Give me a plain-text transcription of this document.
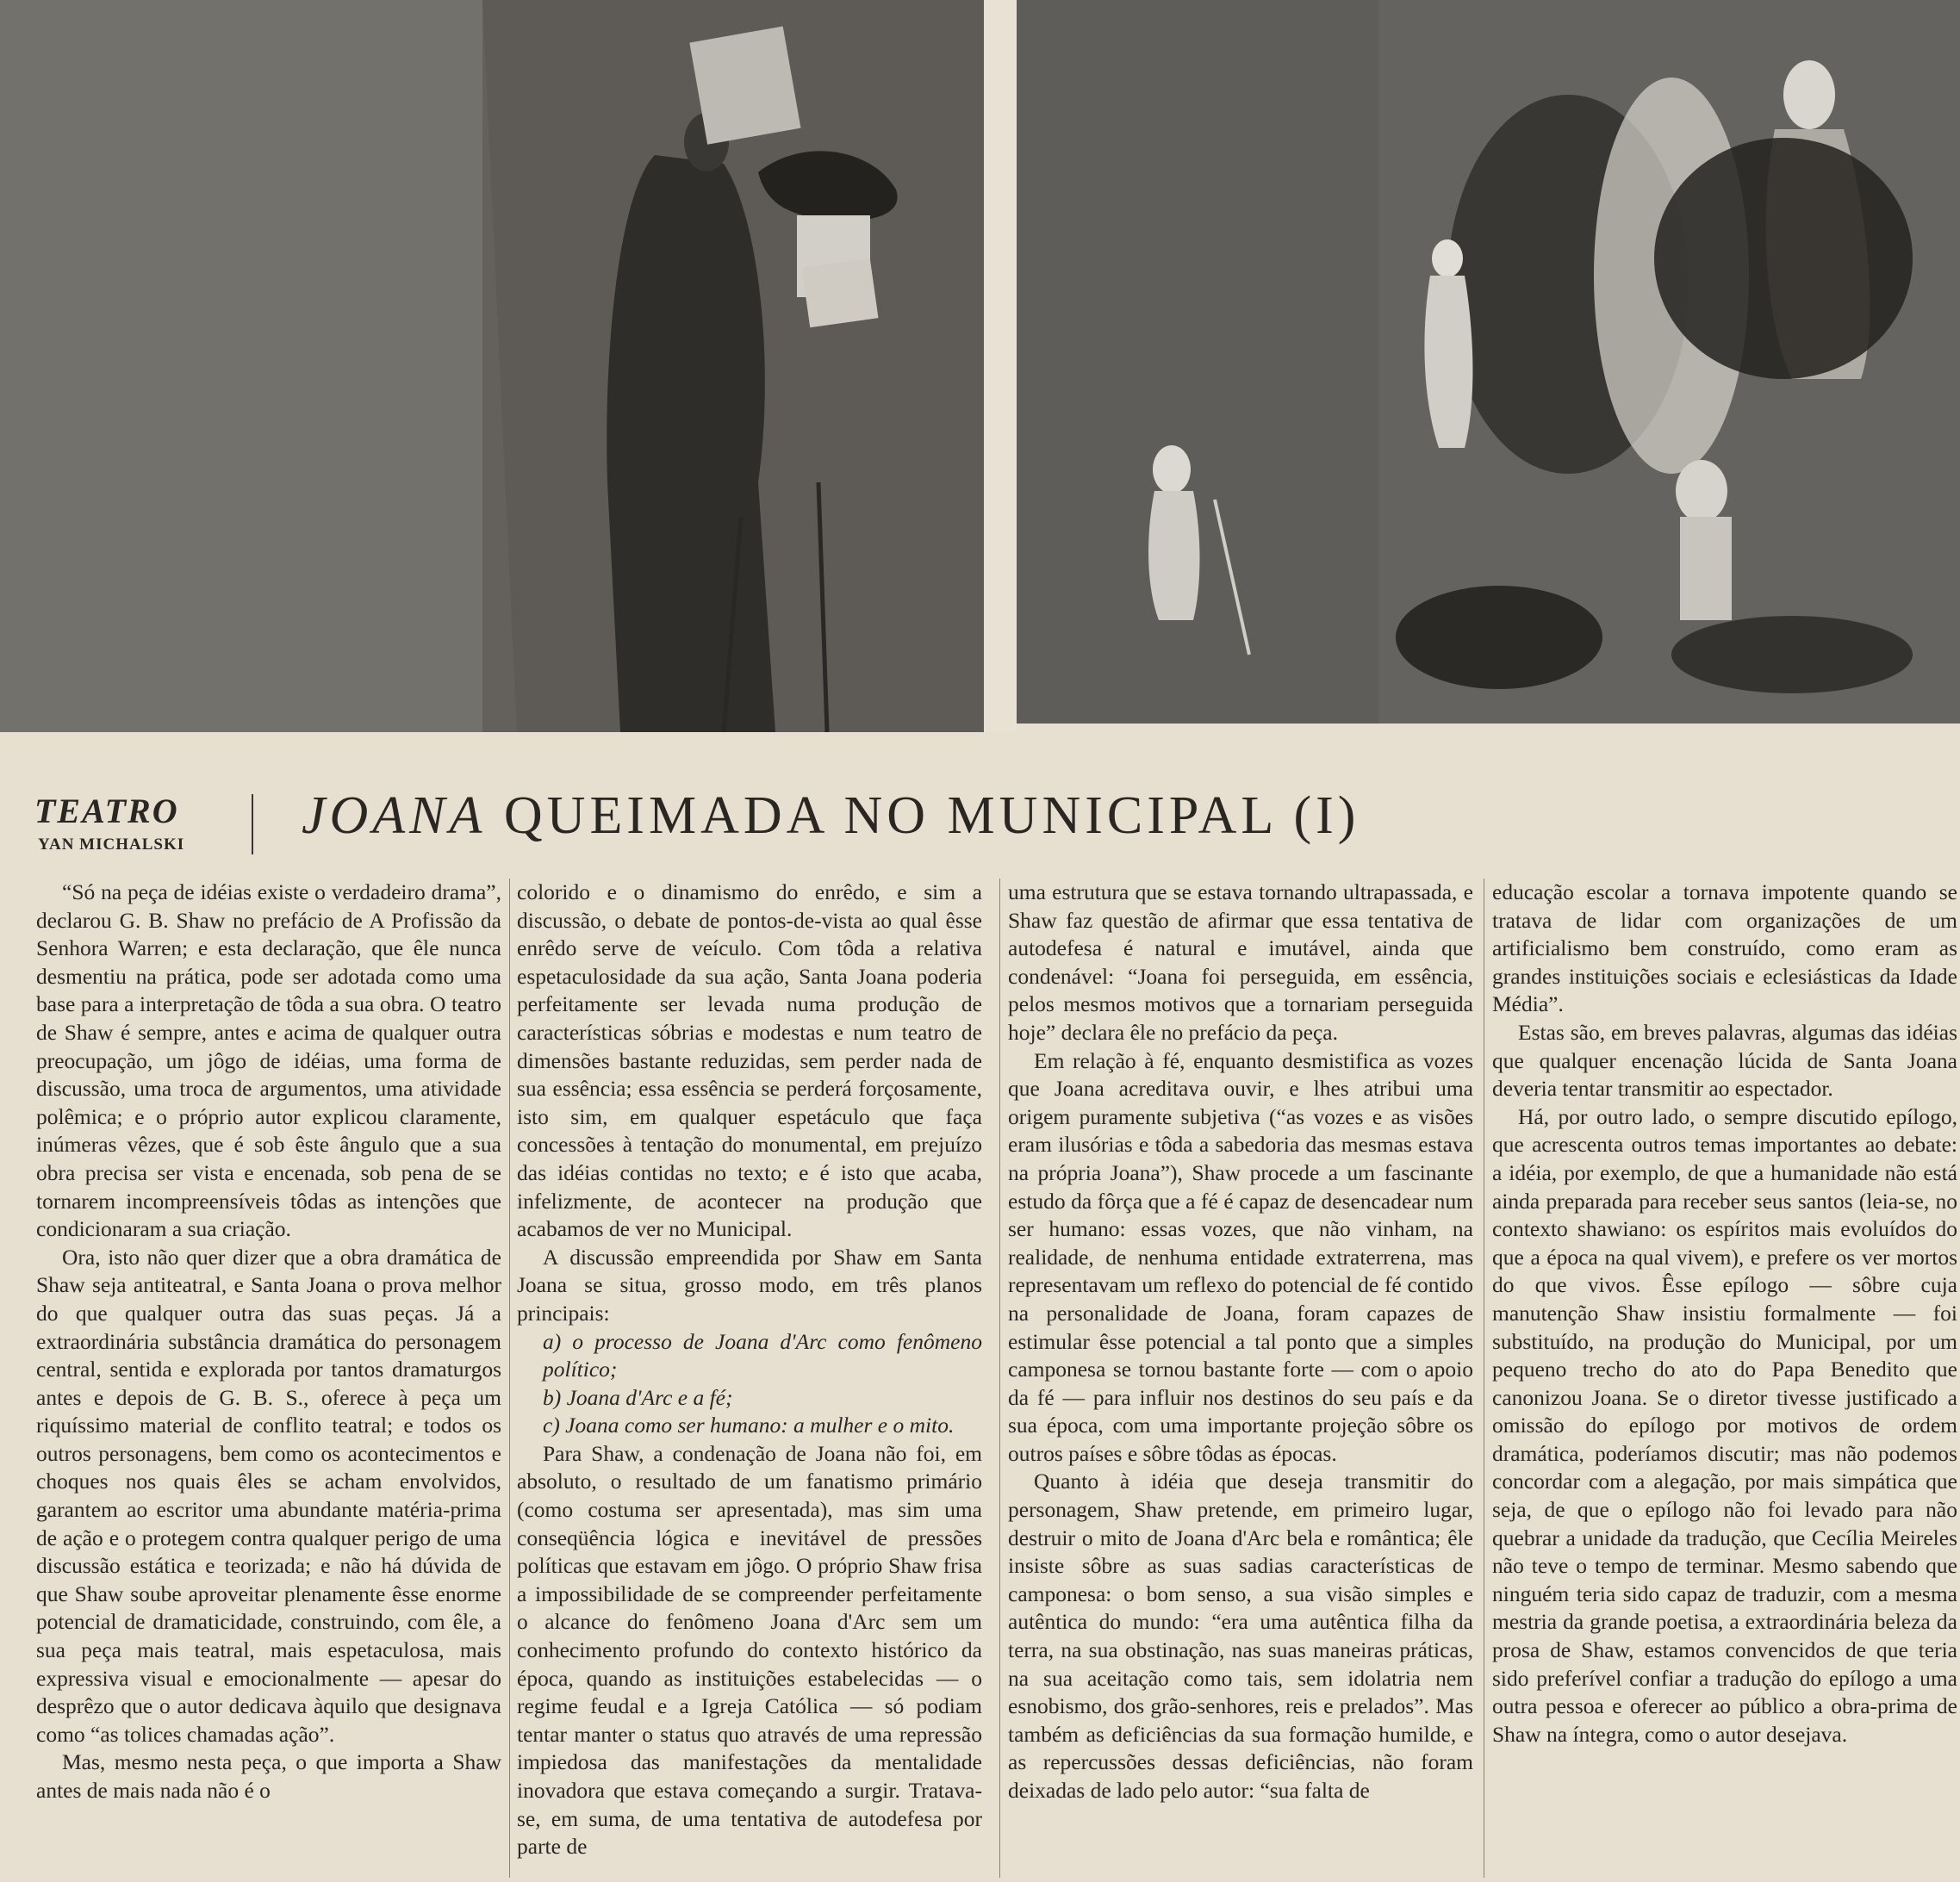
TEATRO
YAN MICHALSKI JOANA QUEIMADA NO MUNICIPAL (I)

“Só na peça de idéias existe o verdadeiro drama”, declarou G. B. Shaw no prefácio de A Profissão da Senhora Warren; e esta declaração, que êle nunca desmentiu na prática, pode ser adotada como uma base para a interpretação de tôda a sua obra. O teatro de Shaw é sempre, antes e acima de qualquer outra preocupação, um jôgo de idéias, uma forma de discussão, uma troca de argumentos, uma atividade polêmica; e o próprio autor explicou claramente, inúmeras vêzes, que é sob êste ângulo que a sua obra precisa ser vista e encenada, sob pena de se tornarem incompreensíveis tôdas as intenções que condicionaram a sua criação.

Ora, isto não quer dizer que a obra dramática de Shaw seja antiteatral, e Santa Joana o prova melhor do que qualquer outra das suas peças. Já a extraordinária substância dramática do personagem central, sentida e explorada por tantos dramaturgos antes e depois de G. B. S., oferece à peça um riquíssimo material de conflito teatral; e todos os outros personagens, bem como os acontecimentos e choques nos quais êles se acham envolvidos, garantem ao escritor uma abundante matéria-prima de ação e o protegem contra qualquer perigo de uma discussão estática e teorizada; e não há dúvida de que Shaw soube aproveitar plenamente êsse enorme potencial de dramaticidade, construindo, com êle, a sua peça mais teatral, mais espetaculosa, mais expressiva visual e emocionalmente — apesar do desprêzo que o autor dedicava àquilo que designava como “as tolices chamadas ação”.

Mas, mesmo nesta peça, o que importa a Shaw antes de mais nada não é o

colorido e o dinamismo do enrêdo, e sim a discussão, o debate de pontos-de-vista ao qual êsse enrêdo serve de veículo. Com tôda a relativa espetaculosidade da sua ação, Santa Joana poderia perfeitamente ser levada numa produção de características sóbrias e modestas e num teatro de dimensões bastante reduzidas, sem perder nada de sua essência; essa essência se perderá forçosamente, isto sim, em qualquer espetáculo que faça concessões à tentação do monumental, em prejuízo das idéias contidas no texto; e é isto que acaba, infelizmente, de acontecer na produção que acabamos de ver no Municipal.

A discussão empreendida por Shaw em Santa Joana se situa, grosso modo, em três planos principais:

a) o processo de Joana d'Arc como fenômeno político;

b) Joana d'Arc e a fé;

c) Joana como ser humano: a mulher e o mito.

Para Shaw, a condenação de Joana não foi, em absoluto, o resultado de um fanatismo primário (como costuma ser apresentada), mas sim uma conseqüência lógica e inevitável de pressões políticas que estavam em jôgo. O próprio Shaw frisa a impossibilidade de se compreender perfeitamente o alcance do fenômeno Joana d'Arc sem um conhecimento profundo do contexto histórico da época, quando as instituições estabelecidas — o regime feudal e a Igreja Católica — só podiam tentar manter o status quo através de uma repressão impiedosa das manifestações da mentalidade inovadora que estava começando a surgir. Tratava-se, em suma, de uma tentativa de autodefesa por parte de

uma estrutura que se estava tornando ultrapassada, e Shaw faz questão de afirmar que essa tentativa de autodefesa é natural e imutável, ainda que condenável: “Joana foi perseguida, em essência, pelos mesmos motivos que a tornariam perseguida hoje” declara êle no prefácio da peça.

Em relação à fé, enquanto desmistifica as vozes que Joana acreditava ouvir, e lhes atribui uma origem puramente subjetiva (“as vozes e as visões eram ilusórias e tôda a sabedoria das mesmas estava na própria Joana”), Shaw procede a um fascinante estudo da fôrça que a fé é capaz de desencadear num ser humano: essas vozes, que não vinham, na realidade, de nenhuma entidade extraterrena, mas representavam um reflexo do potencial de fé contido na personalidade de Joana, foram capazes de estimular êsse potencial a tal ponto que a simples camponesa se tornou bastante forte — com o apoio da fé — para influir nos destinos do seu país e da sua época, com uma importante projeção sôbre os outros países e sôbre tôdas as épocas.

Quanto à idéia que deseja transmitir do personagem, Shaw pretende, em primeiro lugar, destruir o mito de Joana d'Arc bela e romântica; êle insiste sôbre as suas sadias características de camponesa: o bom senso, a sua visão simples e autêntica do mundo: “era uma autêntica filha da terra, na sua obstinação, nas suas maneiras práticas, na sua aceitação como tais, sem idolatria nem esnobismo, dos grão-senhores, reis e prelados”. Mas também as deficiências da sua formação humilde, e as repercussões dessas deficiências, não foram deixadas de lado pelo autor: “sua falta de

educação escolar a tornava impotente quando se tratava de lidar com organizações de um artificialismo bem construído, como eram as grandes instituições sociais e eclesiásticas da Idade Média”.

Estas são, em breves palavras, algumas das idéias que qualquer encenação lúcida de Santa Joana deveria tentar transmitir ao espectador.

Há, por outro lado, o sempre discutido epílogo, que acrescenta outros temas importantes ao debate: a idéia, por exemplo, de que a humanidade não está ainda preparada para receber seus santos (leia-se, no contexto shawiano: os espíritos mais evoluídos do que a época na qual vivem), e prefere os ver mortos do que vivos. Êsse epílogo — sôbre cuja manutenção Shaw insistiu formalmente — foi substituído, na produção do Municipal, por um pequeno trecho do ato do Papa Benedito que canonizou Joana. Se o diretor tivesse justificado a omissão do epílogo por motivos de ordem dramática, poderíamos discutir; mas não podemos concordar com a alegação, por mais simpática que seja, de que o epílogo não foi levado para não quebrar a unidade da tradução, que Cecília Meireles não teve o tempo de terminar. Mesmo sabendo que ninguém teria sido capaz de traduzir, com a mesma mestria da grande poetisa, a extraordinária beleza da prosa de Shaw, estamos convencidos de que teria sido preferível confiar a tradução do epílogo a uma outra pessoa e oferecer ao público a obra-prima de Shaw na íntegra, como o autor desejava.
